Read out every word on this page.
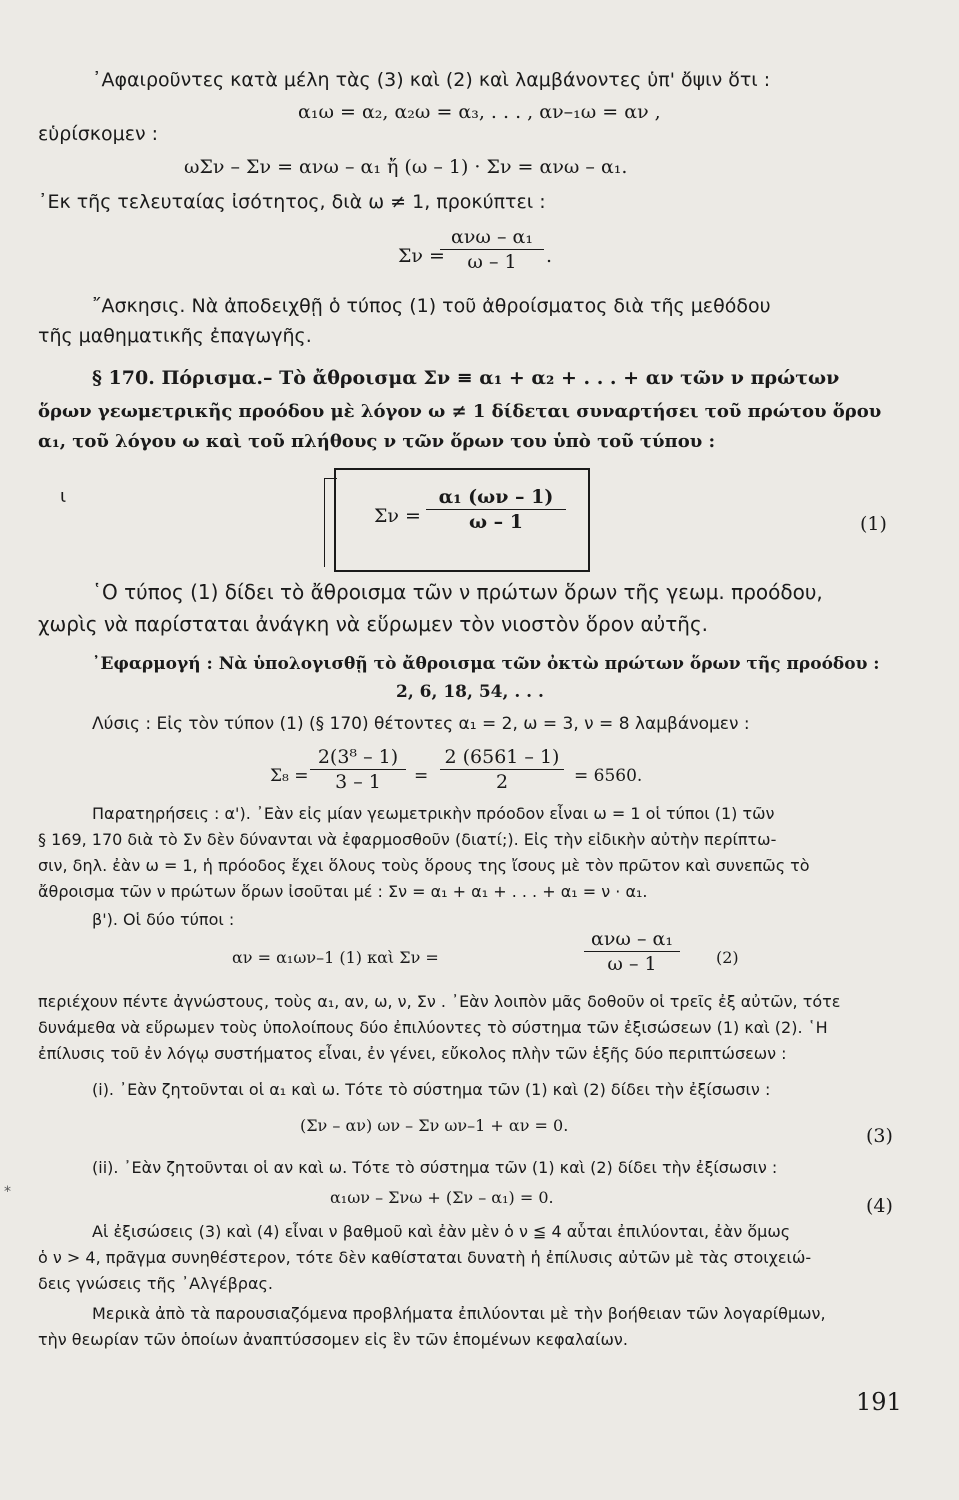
᾿Αφαιροῦντες κατὰ μέλη τὰς (3) καὶ (2) καὶ λαμβάνοντες ὑπ' ὄψιν ὅτι :
α₁ω = α₂, α₂ω = α₃, . . . , αν–₁ω = αν ,
εὑρίσκομεν :
ωΣν – Σν = ανω – α₁ ἤ (ω – 1) · Σν = ανω – α₁.
᾿Εκ τῆς τελευταίας ἰσότητος, διὰ ω ≠ 1, προκύπτει :
Σν =
ανω – α₁
ω – 1	.
῎Ασκησις. Νὰ ἀποδειχθῇ ὁ τύπος (1) τοῦ ἀθροίσματος διὰ τῆς μεθόδου
τῆς μαθηματικῆς ἐπαγωγῆς.
§ 170. Πόρισμα.– Τὸ ἄθροισμα Σν ≡ α₁ + α₂ + . . . + αν τῶν ν πρώτων
ὅρων γεωμετρικῆς προόδου μὲ λόγον ω ≠ 1 δίδεται συναρτήσει τοῦ πρώτου ὅρου
α₁, τοῦ λόγου ω καὶ τοῦ πλήθους ν τῶν ὅρων του ὑπὸ τοῦ τύπου :
ι
Σν =
α₁ (ων – 1)
ω – 1	(1)
῾Ο τύπος (1) δίδει τὸ ἄθροισμα τῶν ν πρώτων ὅρων τῆς γεωμ. προόδου,
χωρὶς νὰ παρίσταται ἀνάγκη νὰ εὕρωμεν τὸν νιοστὸν ὅρον αὐτῆς.
᾿Εφαρμογή : Νὰ ὑπολογισθῇ τὸ ἄθροισμα τῶν ὀκτὼ πρώτων ὅρων τῆς προόδου :
2, 6, 18, 54, . . .
Λύσις : Εἰς τὸν τύπον (1) (§ 170) θέτοντες α₁ = 2, ω = 3, ν = 8 λαμβάνομεν :
Σ₈ =
2(3⁸ – 1)
3 – 1	=
2 (6561 – 1)
2	= 6560.
Παρατηρήσεις : α'). ᾿Εὰν εἰς μίαν γεωμετρικὴν πρόοδον εἶναι ω = 1 οἱ τύποι (1) τῶν
§ 169, 170 διὰ τὸ Σν δὲν δύνανται νὰ ἐφαρμοσθοῦν (διατί;). Εἰς τὴν εἰδικὴν αὐτὴν περίπτω-
σιν, δηλ. ἐὰν ω = 1, ἡ πρόοδος ἔχει ὅλους τοὺς ὅρους της ἴσους μὲ τὸν πρῶτον καὶ συνεπῶς τὸ
ἄθροισμα τῶν ν πρώτων ὅρων ἰσοῦται μέ : Σν = α₁ + α₁ + . . . + α₁ = ν · α₁.
β'). Οἱ δύο τύποι :
αν = α₁ων–1 (1) καὶ Σν =
ανω – α₁
ω – 1	(2)
περιέχουν πέντε ἀγνώστους, τοὺς α₁, αν, ω, ν, Σν . ᾿Εὰν λοιπὸν μᾶς δοθοῦν οἱ τρεῖς ἐξ αὐτῶν, τότε
δυνάμεθα νὰ εὕρωμεν τοὺς ὑπολοίπους δύο ἐπιλύοντες τὸ σύστημα τῶν ἐξισώσεων (1) καὶ (2). ῾Η
ἐπίλυσις τοῦ ἐν λόγῳ συστήματος εἶναι, ἐν γένει, εὔκολος πλὴν τῶν ἑξῆς δύο περιπτώσεων :
(i). ᾿Εὰν ζητοῦνται οἱ α₁ καὶ ω. Τότε τὸ σύστημα τῶν (1) καὶ (2) δίδει τὴν ἐξίσωσιν :
(Σν – αν) ων – Σν ων–1 + αν = 0.	(3)
(ii). ᾿Εὰν ζητοῦνται οἱ αν καὶ ω. Τότε τὸ σύστημα τῶν (1) καὶ (2) δίδει τὴν ἐξίσωσιν :
*	α₁ων – Σνω + (Σν – α₁) = 0.	(4)
Αἱ ἐξισώσεις (3) καὶ (4) εἶναι ν βαθμοῦ καὶ ἐὰν μὲν ὁ ν ≦ 4 αὗται ἐπιλύονται, ἐὰν ὅμως
ὁ ν > 4, πρᾶγμα συνηθέστερον, τότε δὲν καθίσταται δυνατὴ ἡ ἐπίλυσις αὐτῶν μὲ τὰς στοιχειώ-
δεις γνώσεις τῆς ᾿Αλγέβρας.
Μερικὰ ἀπὸ τὰ παρουσιαζόμενα προβλήματα ἐπιλύονται μὲ τὴν βοήθειαν τῶν λογαρίθμων,
τὴν θεωρίαν τῶν ὁποίων ἀναπτύσσομεν εἰς ἓν τῶν ἑπομένων κεφαλαίων.
191
